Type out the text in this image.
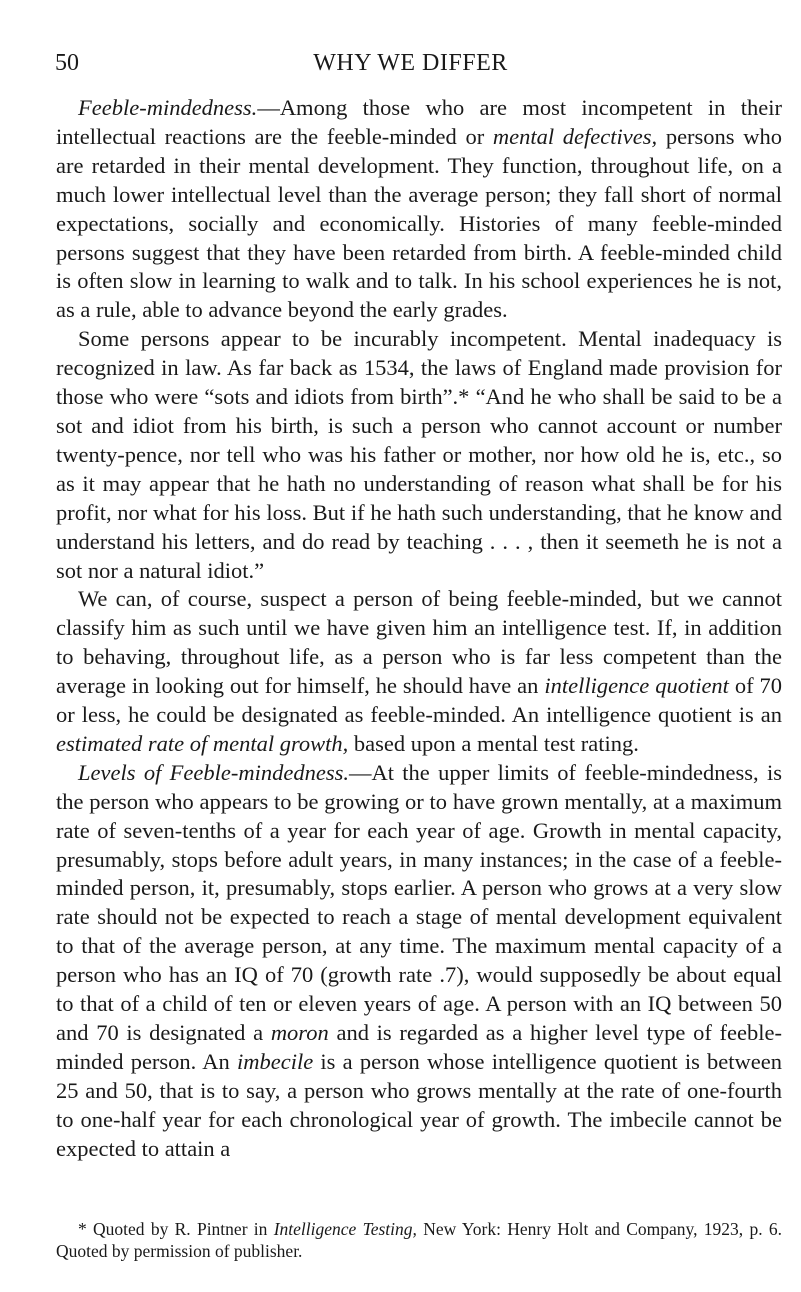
50	WHY WE DIFFER

Feeble-mindedness.—Among those who are most incompetent in their intellectual reactions are the feeble-minded or mental defectives, persons who are retarded in their mental development. They function, throughout life, on a much lower intellectual level than the average person; they fall short of normal expectations, socially and economically. Histories of many feeble-minded persons suggest that they have been retarded from birth. A feeble-minded child is often slow in learning to walk and to talk. In his school experiences he is not, as a rule, able to advance beyond the early grades.

Some persons appear to be incurably incompetent. Mental inadequacy is recognized in law. As far back as 1534, the laws of England made provision for those who were “sots and idiots from birth”.* “And he who shall be said to be a sot and idiot from his birth, is such a person who cannot account or number twenty-pence, nor tell who was his father or mother, nor how old he is, etc., so as it may appear that he hath no understanding of reason what shall be for his profit, nor what for his loss. But if he hath such understanding, that he know and understand his letters, and do read by teaching . . . , then it seemeth he is not a sot nor a natural idiot.”

We can, of course, suspect a person of being feeble-minded, but we cannot classify him as such until we have given him an intelligence test. If, in addition to behaving, throughout life, as a person who is far less competent than the average in looking out for himself, he should have an intelligence quotient of 70 or less, he could be designated as feeble-minded. An intelligence quotient is an estimated rate of mental growth, based upon a mental test rating.

Levels of Feeble-mindedness.—At the upper limits of feeble-mindedness, is the person who appears to be growing or to have grown mentally, at a maximum rate of seven-tenths of a year for each year of age. Growth in mental capacity, presumably, stops before adult years, in many instances; in the case of a feeble-minded person, it, presumably, stops earlier. A person who grows at a very slow rate should not be expected to reach a stage of mental development equivalent to that of the average person, at any time. The maximum mental capacity of a person who has an IQ of 70 (growth rate .7), would supposedly be about equal to that of a child of ten or eleven years of age. A person with an IQ between 50 and 70 is designated a moron and is regarded as a higher level type of feeble-minded person. An imbecile is a person whose intelligence quotient is between 25 and 50, that is to say, a person who grows mentally at the rate of one-fourth to one-half year for each chronological year of growth. The imbecile cannot be expected to attain a

* Quoted by R. Pintner in Intelligence Testing, New York: Henry Holt and Company, 1923, p. 6. Quoted by permission of publisher.
